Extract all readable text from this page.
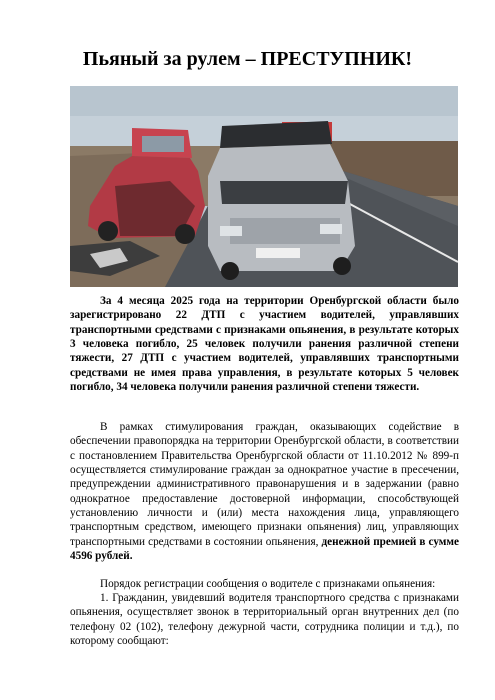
Пьяный за рулем – ПРЕСТУПНИК!

За 4 месяца 2025 года на территории Оренбургской области было зарегистрировано 22 ДТП с участием водителей, управлявших транспортными средствами с признаками опьянения, в результате которых 3 человека погибло, 25 человек получили ранения различной степени тяжести, 27 ДТП с участием водителей, управлявших транспортными средствами не имея права управления, в результате которых 5 человек погибло, 34 человека получили ранения различной степени тяжести.

В рамках стимулирования граждан, оказывающих содействие в обеспечении правопорядка на территории Оренбургской области, в соответствии с постановлением Правительства Оренбургской области от 11.10.2012 № 899-п осуществляется стимулирование граждан за однократное участие в пресечении, предупреждении административного правонарушения и в задержании (равно однократное предоставление достоверной информации, способствующей установлению личности и (или) места нахождения лица, управляющего транспортным средством, имеющего признаки опьянения) лиц, управляющих транспортными средствами в состоянии опьянения, денежной премией в сумме 4596 рублей.

Порядок регистрации сообщения о водителе с признаками опьянения:

1. Гражданин, увидевший водителя транспортного средства с признаками опьянения, осуществляет звонок в территориальный орган внутренних дел (по телефону 02 (102), телефону дежурной части, сотрудника полиции и т.д.), по которому сообщают:
